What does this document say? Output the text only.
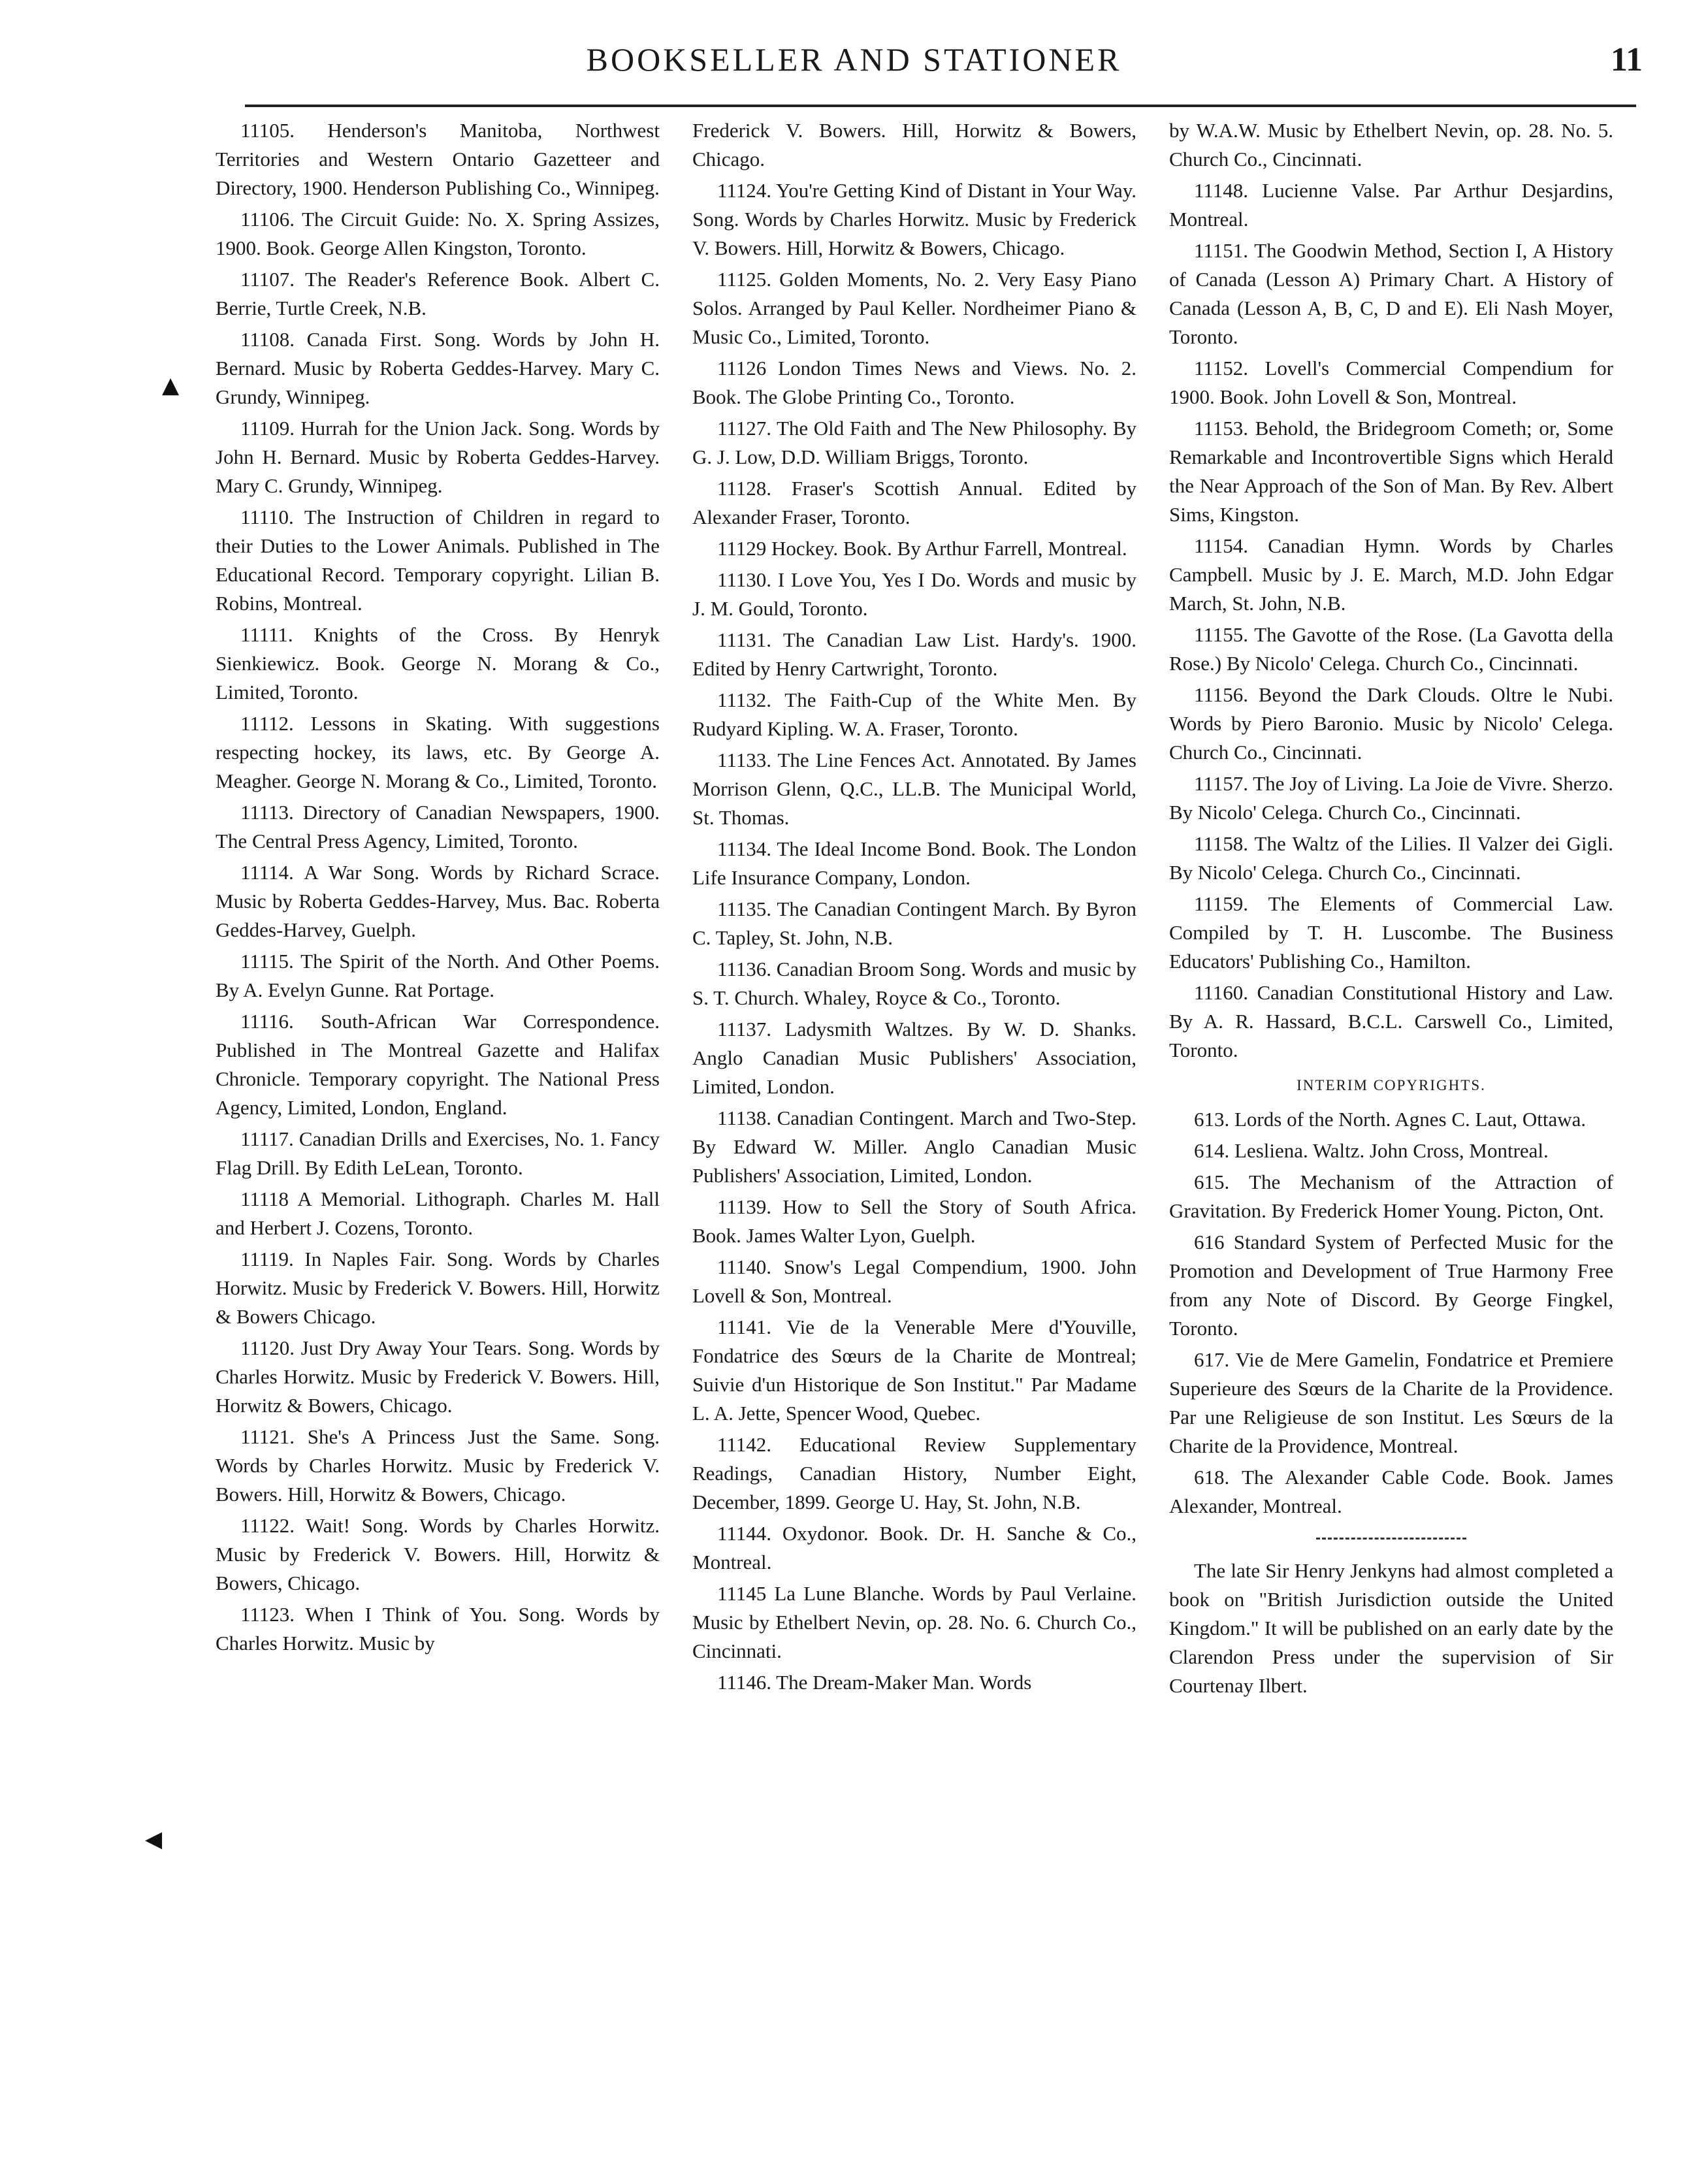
BOOKSELLER AND STATIONER	11
▲
◀

11105. Henderson's Manitoba, Northwest Territories and Western Ontario Gazetteer and Directory, 1900. Henderson Publishing Co., Winnipeg.

11106. The Circuit Guide: No. X. Spring Assizes, 1900. Book. George Allen Kingston, Toronto.

11107. The Reader's Reference Book. Albert C. Berrie, Turtle Creek, N.B.

11108. Canada First. Song. Words by John H. Bernard. Music by Roberta Geddes-Harvey. Mary C. Grundy, Winnipeg.

11109. Hurrah for the Union Jack. Song. Words by John H. Bernard. Music by Roberta Geddes-Harvey. Mary C. Grundy, Winnipeg.

11110. The Instruction of Children in regard to their Duties to the Lower Animals. Published in The Educational Record. Temporary copyright. Lilian B. Robins, Montreal.

11111. Knights of the Cross. By Henryk Sienkiewicz. Book. George N. Morang & Co., Limited, Toronto.

11112. Lessons in Skating. With suggestions respecting hockey, its laws, etc. By George A. Meagher. George N. Morang & Co., Limited, Toronto.

11113. Directory of Canadian Newspapers, 1900. The Central Press Agency, Limited, Toronto.

11114. A War Song. Words by Richard Scrace. Music by Roberta Geddes-Harvey, Mus. Bac. Roberta Geddes-Harvey, Guelph.

11115. The Spirit of the North. And Other Poems. By A. Evelyn Gunne. Rat Portage.

11116. South-African War Correspondence. Published in The Montreal Gazette and Halifax Chronicle. Temporary copyright. The National Press Agency, Limited, London, England.

11117. Canadian Drills and Exercises, No. 1. Fancy Flag Drill. By Edith LeLean, Toronto.

11118 A Memorial. Lithograph. Charles M. Hall and Herbert J. Cozens, Toronto.

11119. In Naples Fair. Song. Words by Charles Horwitz. Music by Frederick V. Bowers. Hill, Horwitz & Bowers Chicago.

11120. Just Dry Away Your Tears. Song. Words by Charles Horwitz. Music by Frederick V. Bowers. Hill, Horwitz & Bowers, Chicago.

11121. She's A Princess Just the Same. Song. Words by Charles Horwitz. Music by Frederick V. Bowers. Hill, Horwitz & Bowers, Chicago.

11122. Wait! Song. Words by Charles Horwitz. Music by Frederick V. Bowers. Hill, Horwitz & Bowers, Chicago.

11123. When I Think of You. Song. Words by Charles Horwitz. Music by

Frederick V. Bowers. Hill, Horwitz & Bowers, Chicago.

11124. You're Getting Kind of Distant in Your Way. Song. Words by Charles Horwitz. Music by Frederick V. Bowers. Hill, Horwitz & Bowers, Chicago.

11125. Golden Moments, No. 2. Very Easy Piano Solos. Arranged by Paul Keller. Nordheimer Piano & Music Co., Limited, Toronto.

11126 London Times News and Views. No. 2. Book. The Globe Printing Co., Toronto.

11127. The Old Faith and The New Philosophy. By G. J. Low, D.D. William Briggs, Toronto.

11128. Fraser's Scottish Annual. Edited by Alexander Fraser, Toronto.

11129 Hockey. Book. By Arthur Farrell, Montreal.

11130. I Love You, Yes I Do. Words and music by J. M. Gould, Toronto.

11131. The Canadian Law List. Hardy's. 1900. Edited by Henry Cartwright, Toronto.

11132. The Faith-Cup of the White Men. By Rudyard Kipling. W. A. Fraser, Toronto.

11133. The Line Fences Act. Annotated. By James Morrison Glenn, Q.C., LL.B. The Municipal World, St. Thomas.

11134. The Ideal Income Bond. Book. The London Life Insurance Company, London.

11135. The Canadian Contingent March. By Byron C. Tapley, St. John, N.B.

11136. Canadian Broom Song. Words and music by S. T. Church. Whaley, Royce & Co., Toronto.

11137. Ladysmith Waltzes. By W. D. Shanks. Anglo Canadian Music Publishers' Association, Limited, London.

11138. Canadian Contingent. March and Two-Step. By Edward W. Miller. Anglo Canadian Music Publishers' Association, Limited, London.

11139. How to Sell the Story of South Africa. Book. James Walter Lyon, Guelph.

11140. Snow's Legal Compendium, 1900. John Lovell & Son, Montreal.

11141. Vie de la Venerable Mere d'Youville, Fondatrice des Sœurs de la Charite de Montreal; Suivie d'un Historique de Son Institut." Par Madame L. A. Jette, Spencer Wood, Quebec.

11142. Educational Review Supplementary Readings, Canadian History, Number Eight, December, 1899. George U. Hay, St. John, N.B.

11144. Oxydonor. Book. Dr. H. Sanche & Co., Montreal.

11145 La Lune Blanche. Words by Paul Verlaine. Music by Ethelbert Nevin, op. 28. No. 6. Church Co., Cincinnati.

11146. The Dream-Maker Man. Words

by W.A.W. Music by Ethelbert Nevin, op. 28. No. 5. Church Co., Cincinnati.

11148. Lucienne Valse. Par Arthur Desjardins, Montreal.

11151. The Goodwin Method, Section I, A History of Canada (Lesson A) Primary Chart. A History of Canada (Lesson A, B, C, D and E). Eli Nash Moyer, Toronto.

11152. Lovell's Commercial Compendium for 1900. Book. John Lovell & Son, Montreal.

11153. Behold, the Bridegroom Cometh; or, Some Remarkable and Incontrovertible Signs which Herald the Near Approach of the Son of Man. By Rev. Albert Sims, Kingston.

11154. Canadian Hymn. Words by Charles Campbell. Music by J. E. March, M.D. John Edgar March, St. John, N.B.

11155. The Gavotte of the Rose. (La Gavotta della Rose.) By Nicolo' Celega. Church Co., Cincinnati.

11156. Beyond the Dark Clouds. Oltre le Nubi. Words by Piero Baronio. Music by Nicolo' Celega. Church Co., Cincinnati.

11157. The Joy of Living. La Joie de Vivre. Sherzo. By Nicolo' Celega. Church Co., Cincinnati.

11158. The Waltz of the Lilies. Il Valzer dei Gigli. By Nicolo' Celega. Church Co., Cincinnati.

11159. The Elements of Commercial Law. Compiled by T. H. Luscombe. The Business Educators' Publishing Co., Hamilton.

11160. Canadian Constitutional History and Law. By A. R. Hassard, B.C.L. Carswell Co., Limited, Toronto.

INTERIM COPYRIGHTS.

613. Lords of the North. Agnes C. Laut, Ottawa.

614. Lesliena. Waltz. John Cross, Montreal.

615. The Mechanism of the Attraction of Gravitation. By Frederick Homer Young. Picton, Ont.

616 Standard System of Perfected Music for the Promotion and Development of True Harmony Free from any Note of Discord. By George Fingkel, Toronto.

617. Vie de Mere Gamelin, Fondatrice et Premiere Superieure des Sœurs de la Charite de la Providence. Par une Religieuse de son Institut. Les Sœurs de la Charite de la Providence, Montreal.

618. The Alexander Cable Code. Book. James Alexander, Montreal.

The late Sir Henry Jenkyns had almost completed a book on "British Jurisdiction outside the United Kingdom." It will be published on an early date by the Clarendon Press under the supervision of Sir Courtenay Ilbert.
